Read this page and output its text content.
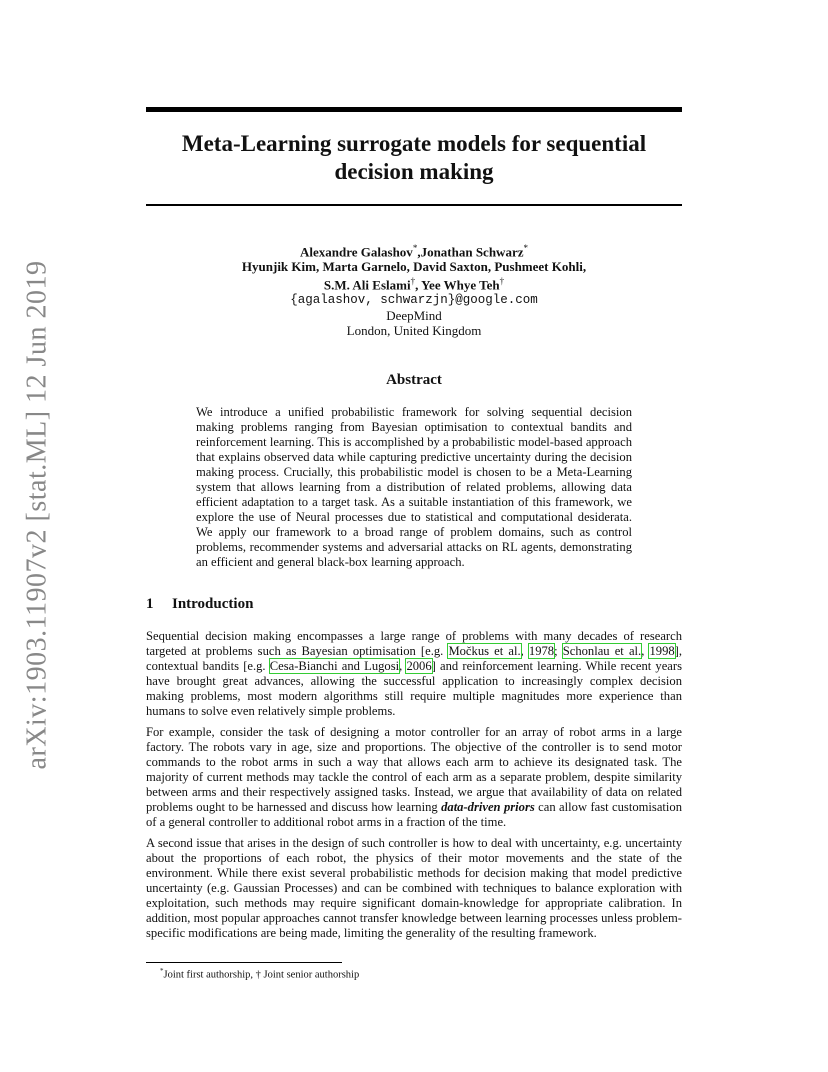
arXiv:1903.11907v2 [stat.ML] 12 Jun 2019
Meta-Learning surrogate models for sequential
decision making
Alexandre Galashov*,Jonathan Schwarz*
Hyunjik Kim, Marta Garnelo, David Saxton, Pushmeet Kohli,
S.M. Ali Eslami†, Yee Whye Teh†
{agalashov, schwarzjn}@google.com
DeepMind
London, United Kingdom
Abstract
We introduce a unified probabilistic framework for solving sequential decision making problems ranging from Bayesian optimisation to contextual bandits and reinforcement learning. This is accomplished by a probabilistic model-based approach that explains observed data while capturing predictive uncertainty during the decision making process. Crucially, this probabilistic model is chosen to be a Meta-Learning system that allows learning from a distribution of related problems, allowing data efficient adaptation to a target task. As a suitable instantiation of this framework, we explore the use of Neural processes due to statistical and computational desiderata. We apply our framework to a broad range of problem domains, such as control problems, recommender systems and adversarial attacks on RL agents, demonstrating an efficient and general black-box learning approach.
1 Introduction

Sequential decision making encompasses a large range of problems with many decades of research targeted at problems such as Bayesian optimisation [e.g. Močkus et al., 1978; Schonlau et al., 1998], contextual bandits [e.g. Cesa-Bianchi and Lugosi, 2006] and reinforcement learning. While recent years have brought great advances, allowing the successful application to increasingly complex decision making problems, most modern algorithms still require multiple magnitudes more experience than humans to solve even relatively simple problems.

For example, consider the task of designing a motor controller for an array of robot arms in a large factory. The robots vary in age, size and proportions. The objective of the controller is to send motor commands to the robot arms in such a way that allows each arm to achieve its designated task. The majority of current methods may tackle the control of each arm as a separate problem, despite similarity between arms and their respectively assigned tasks. Instead, we argue that availability of data on related problems ought to be harnessed and discuss how learning data-driven priors can allow fast customisation of a general controller to additional robot arms in a fraction of the time.

A second issue that arises in the design of such controller is how to deal with uncertainty, e.g. uncertainty about the proportions of each robot, the physics of their motor movements and the state of the environment. While there exist several probabilistic methods for decision making that model predictive uncertainty (e.g. Gaussian Processes) and can be combined with techniques to balance exploration with exploitation, such methods may require significant domain-knowledge for appropriate calibration. In addition, most popular approaches cannot transfer knowledge between learning processes unless problem-specific modifications are being made, limiting the generality of the resulting framework.

*Joint first authorship, † Joint senior authorship
